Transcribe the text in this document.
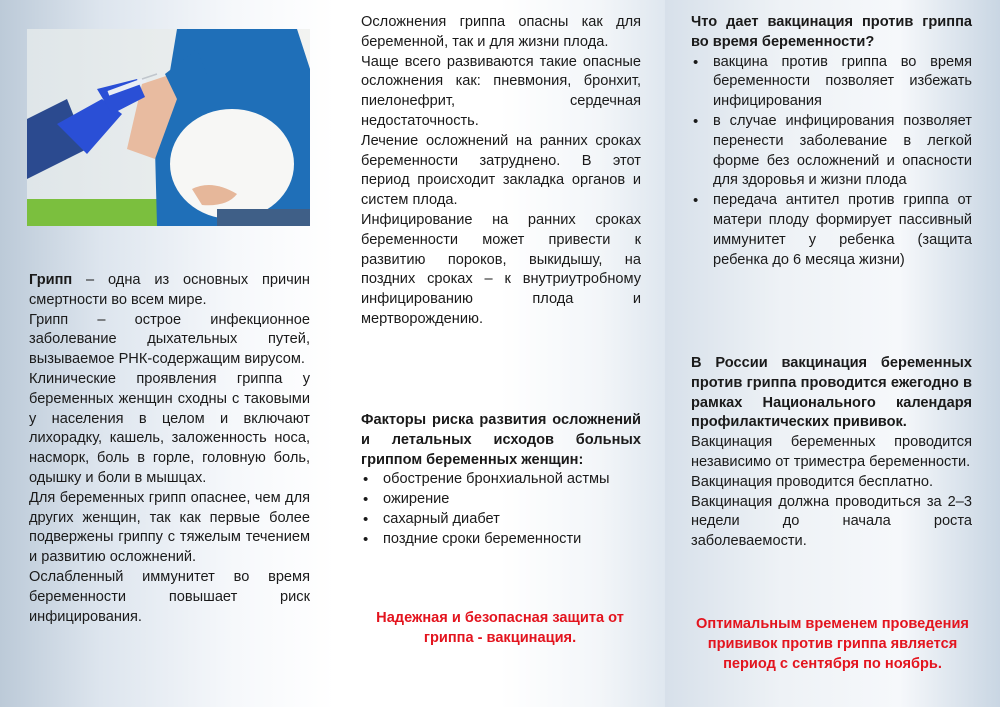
Грипп – одна из основных причин смертности во всем мире.

Грипп – острое инфекционное заболевание дыхательных путей, вызываемое РНК-содержащим вирусом.

Клинические проявления гриппа у беременных женщин сходны с таковыми у населения в целом и включают лихорадку, кашель, заложенность носа, насморк, боль в горле, головную боль, одышку и боли в мышцах.

Для беременных грипп опаснее, чем для других женщин, так как первые более подвержены гриппу с тяжелым течением и развитию осложнений.

Ослабленный иммунитет во время беременности повышает риск инфицирования.

Осложнения гриппа опасны как для беременной, так и для жизни плода.

Чаще всего развиваются такие опасные осложнения как: пневмония, бронхит, пиелонефрит, сердечная недостаточность.

Лечение осложнений на ранних сроках беременности затруднено. В этот период происходит закладка органов и систем плода.

Инфицирование на ранних сроках беременности может привести к развитию пороков, выкидышу, на поздних сроках – к внутриутробному инфицированию плода и мертворождению.

Факторы риска развития осложнений и летальных исходов больных гриппом беременных женщин:

• обострение бронхиальной астмы
• ожирение
• сахарный диабет
• поздние сроки беременности
Надежная и безопасная защита от гриппа - вакцинация.

Что дает вакцинация против гриппа во время беременности?

• вакцина против гриппа во время беременности позволяет избежать инфицирования
• в случае инфицирования позволяет перенести заболевание в легкой форме без осложнений и опасности для здоровья и жизни плода
• передача антител против гриппа от матери плоду формирует пассивный иммунитет у ребенка (защита ребенка до 6 месяца жизни)

В России вакцинация беременных против гриппа проводится ежегодно в рамках Национального календаря профилактических прививок.

Вакцинация беременных проводится независимо от триместра беременности.

Вакцинация проводится бесплатно.

Вакцинация должна проводиться за 2–3 недели до начала роста заболеваемости.

Оптимальным временем проведения прививок против гриппа является период с сентября по ноябрь.
